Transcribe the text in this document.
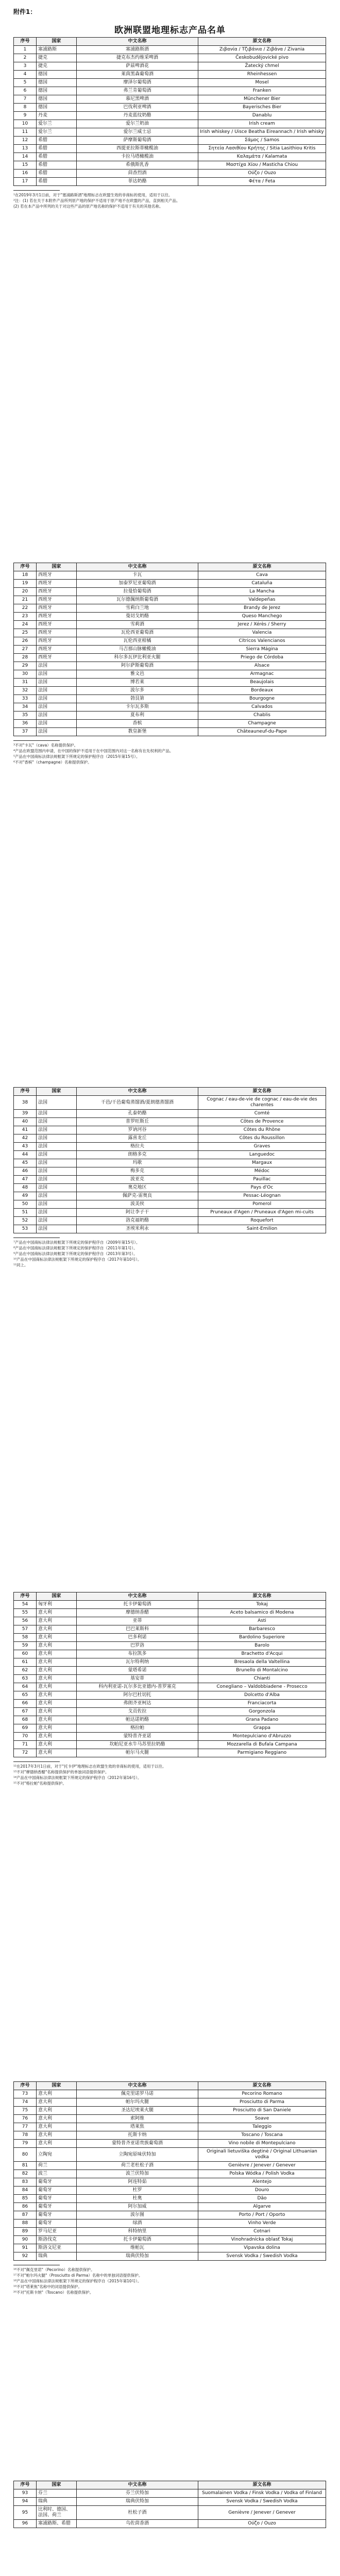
附件1：
欧洲联盟地理标志产品名单
序号	国家	中文名称	原文名称
1	塞浦路斯	塞浦路斯酒	Ζιβανία / Τζιβάνια / Ζιβάνα / Zivania
2	捷克	捷克布杰约维采啤酒	Českobudějovické pivo
3	捷克	萨兹啤酒花	Žatecký chmel
4	德国	莱茵黑森葡萄酒	Rheinhessen
5	德国	摩泽尔葡萄酒	Mosel
6	德国	弗兰肯葡萄酒	Franken
7	德国	慕尼黑啤酒	Münchener Bier
8	德国	巴伐利亚啤酒	Bayerisches Bier
9	丹麦	丹麦蓝纹奶酪	Danablu
10	爱尔兰	爱尔兰奶油	Irish cream
11	爱尔兰	爱尔兰威士忌	Irish whiskey / Uisce Beatha Eireannach / Irish whisky
12	希腊	萨摩斯葡萄酒	Σάμος / Samos
13	希腊	西提亚拉斯蒂橄榄油	Σητεία Λασιθίου Κρήτης / Sitia Lasithiou Kritis
14	希腊	卡拉马塔橄榄油	Καλαμάτα / Kalamata
15	希腊	希俄斯乳香	Μαστίχα Χίου / Masticha Chiou
16	希腊	茴香烈酒	Ούζο / Ouzo
17	希腊	菲达奶酪	Φέτα / Feta

¹在2019年3月1日前，对于"塞浦路斯酒"地理标志在欧盟生效的非商标的使用，适用于以往。

²注：(1) 若在关于本附件产品所列原产地的保护不适用于原产地不在欧盟的产品，直到相关产品。

(2) 若在本产品中所列的关于对这些产品的原产地名称的保护不适用于有关的其他名称。

序号	国家	中文名称	原文名称
18	西班牙	卡瓦	Cava
19	西班牙	加泰罗尼亚葡萄酒	Cataluña
20	西班牙	拉曼恰葡萄酒	La Mancha
21	西班牙	瓦尔德佩纳斯葡萄酒	Valdepeñas
22	西班牙	雪莉白兰地	Brandy de Jerez
23	西班牙	曼切戈奶酪	Queso Manchego
24	西班牙	雪莉酒	Jerez / Xérès / Sherry
25	西班牙	瓦伦西亚葡萄酒	Valencia
26	西班牙	瓦伦西亚柑橘	Cítricos Valencianos
27	西班牙	马吉那山脉橄榄油	Sierra Mágina
28	西班牙	科尔多瓦伊比利亚火腿	Priego de Córdoba
29	法国	阿尔萨斯葡萄酒	Alsace
30	法国	雅文邑	Armagnac
31	法国	博若莱	Beaujolais
32	法国	波尔多	Bordeaux
33	法国	勃艮第	Bourgogne
34	法国	卡尔瓦多斯	Calvados
35	法国	夏布利	Chablis
36	法国	香槟	Champagne
37	法国	教皇新堡	Châteauneuf-du-Pape

³不对"卡瓦"（cava）名称提供保护。

⁴产品在欧盟范围内申请，在中国的保护不适用于在中国范围内对这一名称有在先权利的产品。

⁵产品在中国商标法律法规框架下所规定的保护程序自（2015年第15号）。

⁶不对"香槟"（champagne）名称提供保护。

序号	国家	中文名称	原文名称
38	法国	干邑/干邑葡萄蒸馏酒/夏朗德蒸馏酒	Cognac / eau-de-vie de cognac / eau-de-vie des charentes
39	法国	孔泰奶酪	Comté
40	法国	普罗旺斯丘	Côtes de Provence
41	法国	罗讷河谷	Côtes du Rhône
42	法国	露喜龙丘	Côtes du Roussillon
43	法国	格拉夫	Graves
44	法国	朗格多克	Languedoc
45	法国	玛歌	Margaux
46	法国	梅多克	Médoc
47	法国	波亚克	Pauillac
48	法国	奥克地区	Pays d'Oc
49	法国	佩萨克-雷奥良	Pessac-Léognan
50	法国	波美侯	Pomerol
51	法国	阿让李子干	Pruneaux d'Agen / Pruneaux d'Agen mi-cuits
52	法国	洛克福奶酪	Roquefort
53	法国	圣埃米利永	Saint-Emilion

⁷产品在中国商标法律法规框架下所规定的保护程序自（2009年第15号）。

⁸产品在中国商标法律法规框架下所规定的保护程序自（2011年第1号）。

⁹产品在中国商标法律法规框架下所规定的保护程序自（2013年第3号）。

¹⁰产品在中国商标法律法规框架下所规定的保护程序自（2017年第10号）。

¹¹同上。

序号	国家	中文名称	原文名称
54	匈牙利	托卡伊葡萄酒	Tokaj
55	意大利	摩德纳香醋	Aceto balsamico di Modena
56	意大利	亚蒂	Asti
57	意大利	巴巴莱斯科	Barbaresco
58	意大利	巴多利诺	Bardolino Superiore
59	意大利	巴罗洛	Barolo
60	意大利	布拉凯多	Brachetto d'Acqui
61	意大利	瓦尔特利纳	Bresaola della Valtellina
62	意大利	蒙塔希诺	Brunello di Montalcino
63	意大利	基安蒂	Chianti
64	意大利	科内利亚诺-瓦尔多比亚德内-普罗塞克	Conegliano – Valdobbiadene - Prosecco
65	意大利	阿尔巴杜切托	Dolcetto d'Alba
66	意大利	弗朗齐亚柯达	Franciacorta
67	意大利	戈贡佐拉	Gorgonzola
68	意大利	帕达诺奶酪	Grana Padano
69	意大利	格拉帕	Grappa
70	意大利	蒙特普齐亚诺	Montepulciano d'Abruzzo
71	意大利	坎帕尼亚水牛马苏里拉奶酪	Mozzarella di Bufala Campana
72	意大利	帕尔马火腿	Parmigiano Reggiano

¹²在2017年3月1日前，对于"托卡伊"地理标志在欧盟生效的非商标的使用，适用于以往。

¹³不对"摩德纳香醋"名称提供保护的单独词语提供保护。

¹⁴产品在中国商标法律法规框架下所规定的保护程序自（2012年第16号）。

¹⁵不对"格拉帕"名称提供保护。

序号	国家	中文名称	原文名称
73	意大利	佩克里诺罗马诺	Pecorino Romano
74	意大利	帕尔玛火腿	Prosciutto di Parma
75	意大利	圣达尼埃莱火腿	Prosciutto di San Daniele
76	意大利	索阿维	Soave
77	意大利	塔莱焦	Taleggio
78	意大利	托斯卡纳	Toscano / Toscana
79	意大利	蒙特普齐亚诺贵族葡萄酒	Vino nobile di Montepulciano
80	立陶宛	立陶宛原味伏特加	Originali lietuviška degtinė / Original Lithuanian vodka
81	荷兰	荷兰老杜松子酒	Genièvre / Jenever / Genever
82	波兰	波兰伏特加	Polska Wódka / Polish Vodka
83	葡萄牙	阿连特茹	Alentejo
84	葡萄牙	杜罗	Douro
85	葡萄牙	杜奥	Dão
86	葡萄牙	阿尔加威	Algarve
87	葡萄牙	波尔图	Porto / Port / Oporto
88	葡萄牙	绿酒	Vinho Verde
89	罗马尼亚	科特纳里	Cotnari
90	斯洛伐克	托卡伊葡萄酒	Vinohradnícka oblasť Tokaj
91	斯洛文尼亚	维帕瓦	Vipavska dolina
92	瑞典	瑞典伏特加	Svensk Vodka / Swedish Vodka

¹⁶不对"佩克里诺"（Pecorino）名称提供保护。

¹⁷不对"帕尔玛火腿"（Prosciutto di Parma）名称中的单独词语提供保护。

¹⁸产品在中国商标法律法规框架下所规定的保护程序自（2015年第10号）。

¹⁹不对"塔莱焦"名称中的词语提供保护。

²⁰不对"托斯卡纳"（Toscano）名称提供保护。

序号	国家	中文名称	原文名称
93	芬兰	芬兰伏特加	Suomalainen Vodka / Finsk Vodka / Vodka of Finland
94	瑞典	瑞典伏特加	Svensk Vodka / Swedish Vodka
95	比利时、德国、法国、荷兰	杜松子酒	Genièvre / Jenever / Genever
96	塞浦路斯、希腊	乌佐茴香酒	Ούζο / Ouzo
